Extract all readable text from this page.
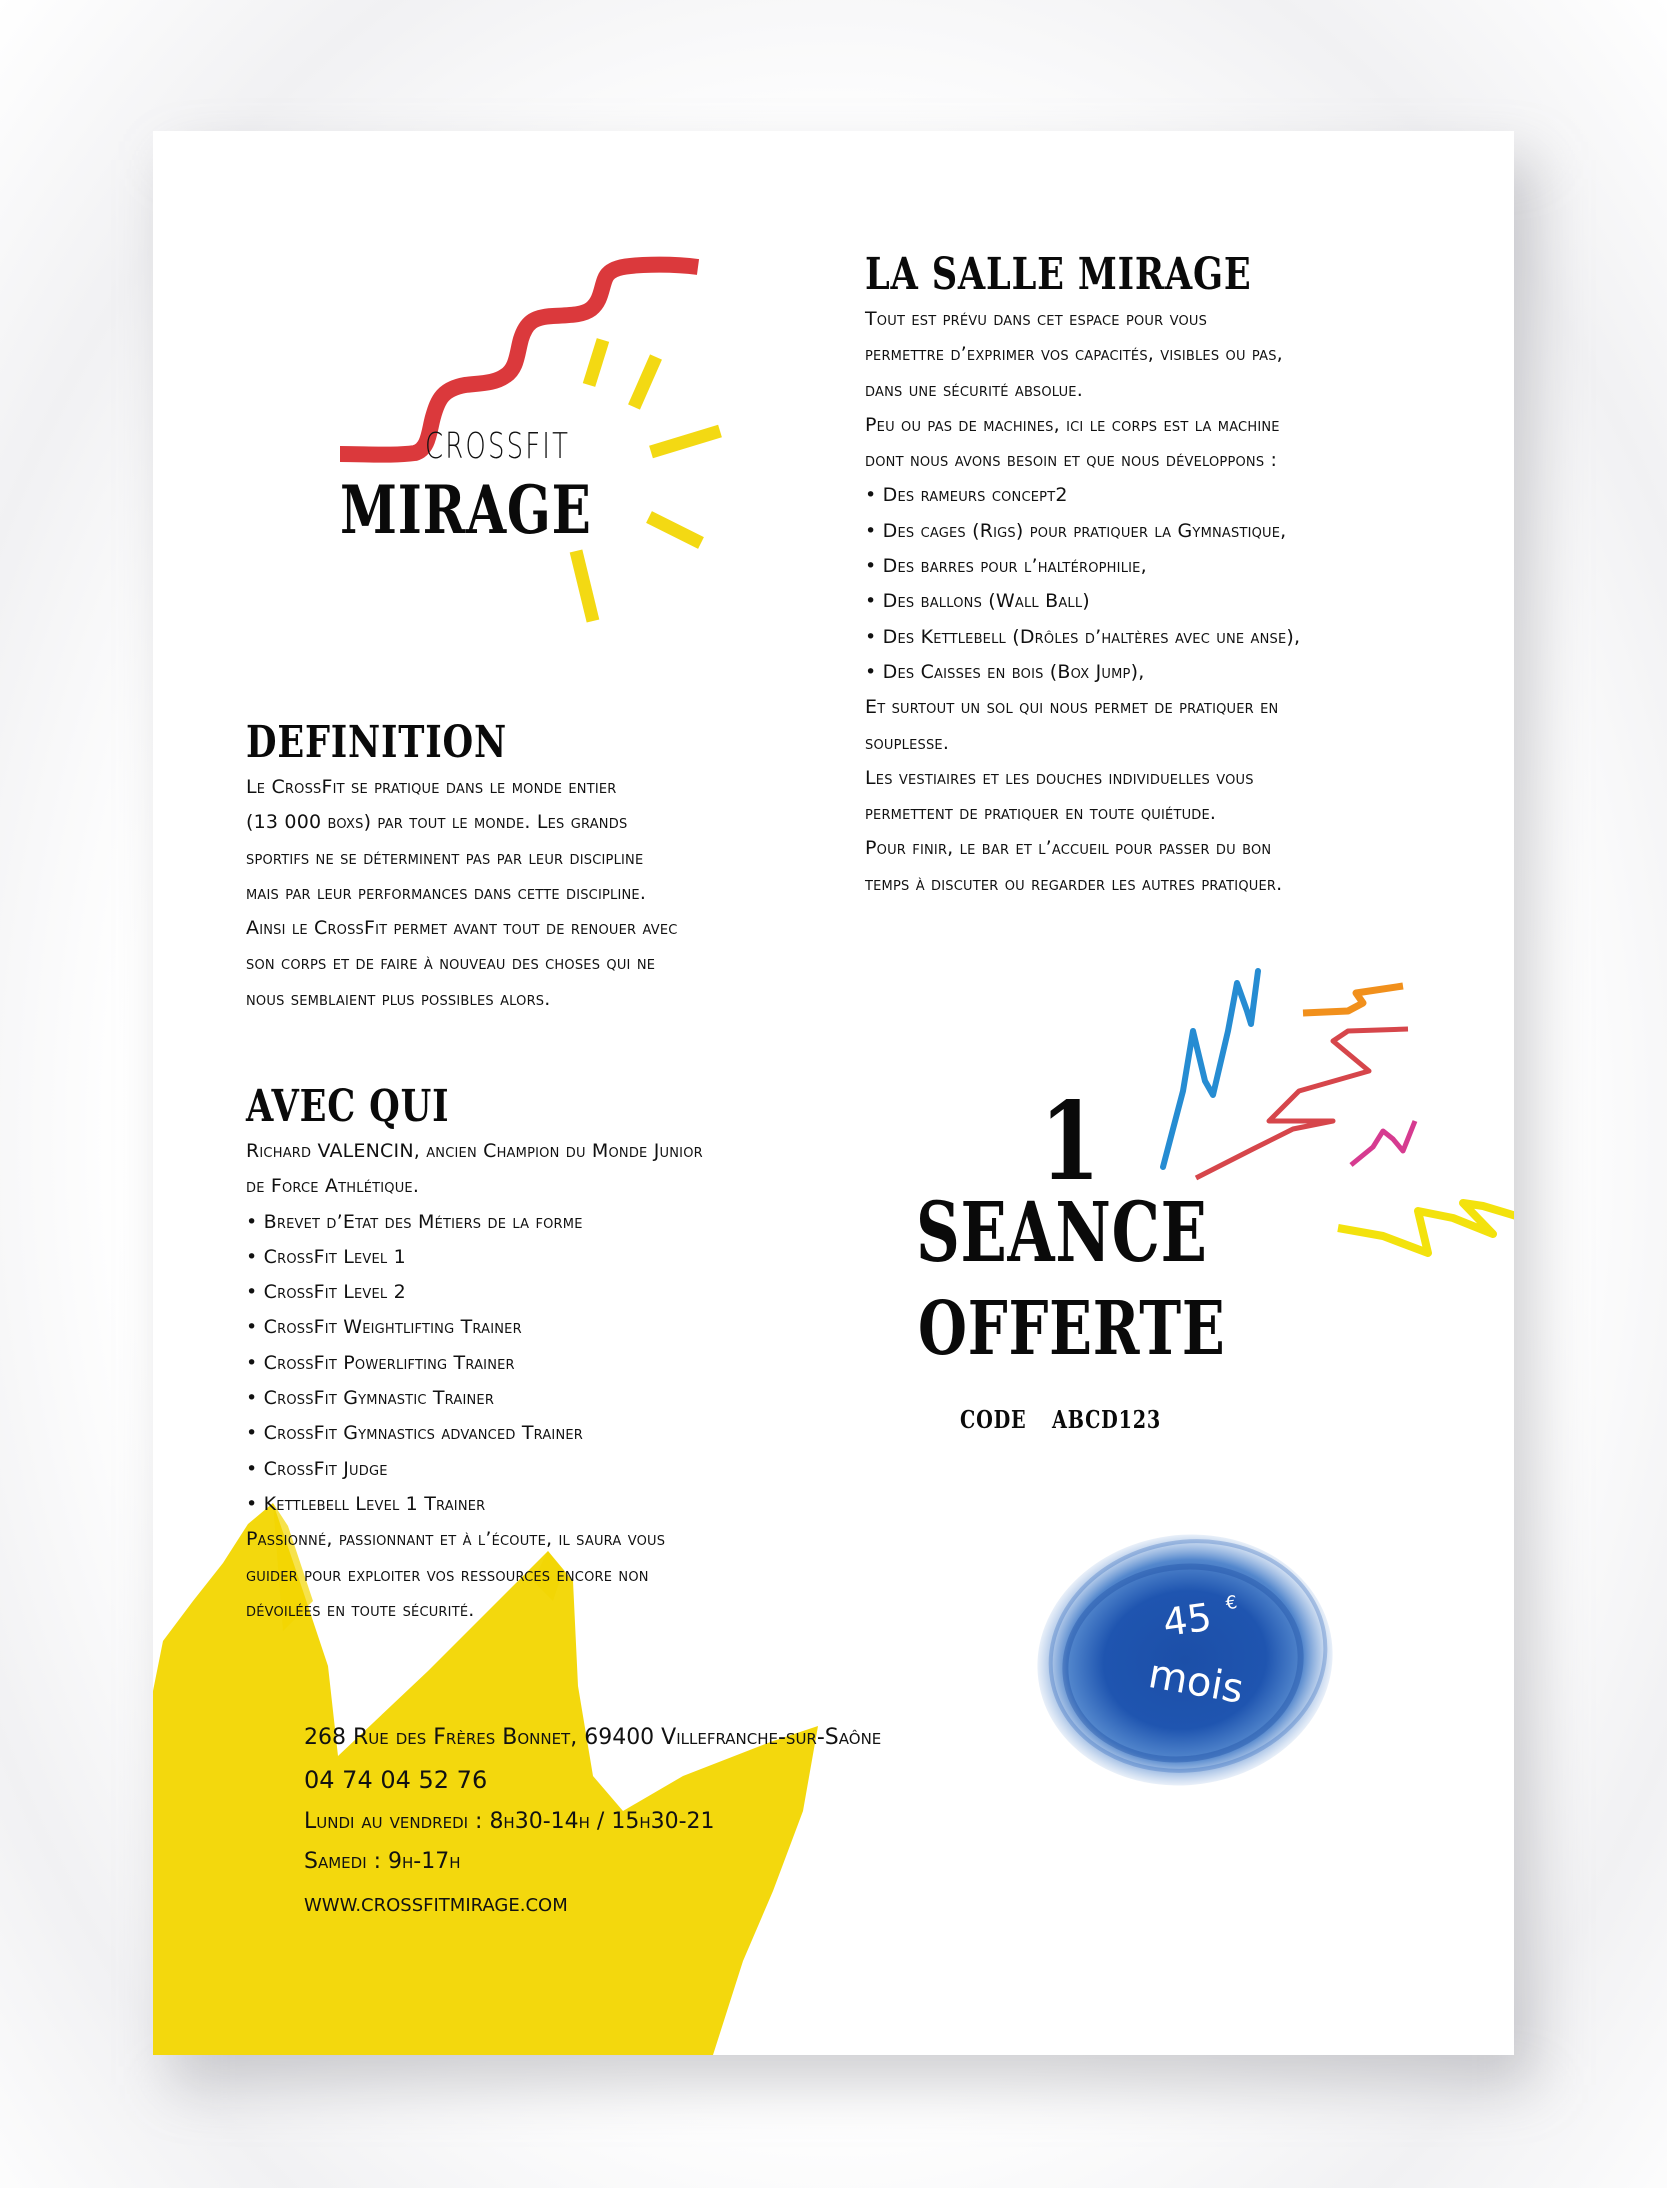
CROSSFIT
MIRAGE
LA SALLE MIRAGE
Tout est prévu dans cet espace pour vous
permettre d’exprimer vos capacités, visibles ou pas,
dans une sécurité absolue.
Peu ou pas de machines, ici le corps est la machine
dont nous avons besoin et que nous développons :
• Des rameurs concept2
• Des cages (Rigs) pour pratiquer la Gymnastique,
• Des barres pour l’haltérophilie,
• Des ballons (Wall Ball)
• Des Kettlebell (Drôles d’haltères avec une anse),
• Des Caisses en bois (Box Jump),
Et surtout un sol qui nous permet de pratiquer en
souplesse.
Les vestiaires et les douches individuelles vous
permettent de pratiquer en toute quiétude.
Pour finir, le bar et l’accueil pour passer du bon
temps à discuter ou regarder les autres pratiquer.
DEFINITION
Le CrossFit se pratique dans le monde entier
(13 000 boxs) par tout le monde. Les grands
sportifs ne se déterminent pas par leur discipline
mais par leur performances dans cette discipline.
Ainsi le CrossFit permet avant tout de renouer avec
son corps et de faire à nouveau des choses qui ne
nous semblaient plus possibles alors.
AVEC QUI
Richard VALENCIN, ancien Champion du Monde Junior
de Force Athlétique.
• Brevet d’Etat des Métiers de la forme
• CrossFit Level 1
• CrossFit Level 2
• CrossFit Weightlifting Trainer
• CrossFit Powerlifting Trainer
• CrossFit Gymnastic Trainer
• CrossFit Gymnastics advanced Trainer
• CrossFit Judge
• Kettlebell Level 1 Trainer
Passionné, passionnant et à l’écoute, il saura vous
guider pour exploiter vos ressources encore non
dévoilées en toute sécurité.
1
SEANCE
OFFERTE
CODE ABCD123
45 €
mois
268 Rue des Frères Bonnet, 69400 Villefranche-sur-Saône
04 74 04 52 76
Lundi au vendredi : 8h30-14h / 15h30-21
Samedi : 9h-17h
WWW.CROSSFITMIRAGE.COM
